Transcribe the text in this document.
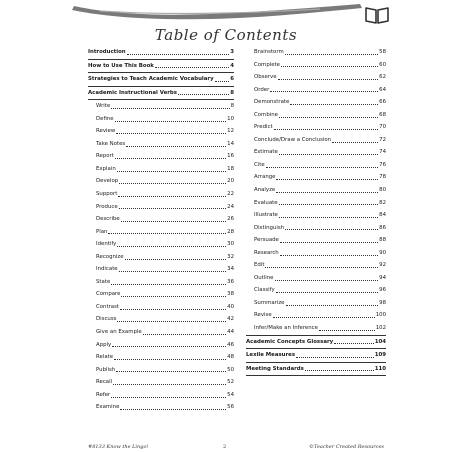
Table of Contents
Introduction	3
How to Use This Book	4
Strategies to Teach Academic Vocabulary	6
Academic Instructional Verbs	8
Write	8
Define	10
Review	12
Take Notes	14
Report	16
Explain	18
Develop	20
Support	22
Produce	24
Describe	26
Plan	28
Identify	30
Recognize	32
Indicate	34
State	36
Compare	38
Contrast	40
Discuss	42
Give an Example	44
Apply	46
Relate	48
Publish	50
Recall	52
Refer	54
Examine	56
Brainstorm	58
Complete	60
Observe	62
Order	64
Demonstrate	66
Combine	68
Predict	70
Conclude/Draw a Conclusion	72
Estimate	74
Cite	76
Arrange	78
Analyze	80
Evaluate	82
Illustrate	84
Distinguish	86
Persuade	88
Research	90
Edit	92
Outline	94
Classify	96
Summarize	98
Revise	100
Infer/Make an Inference	102
Academic Concepts Glossary	104
Lexile Measures	109
Meeting Standards	110
#8133 Know the Lingo!	2	©Teacher Created Resources
